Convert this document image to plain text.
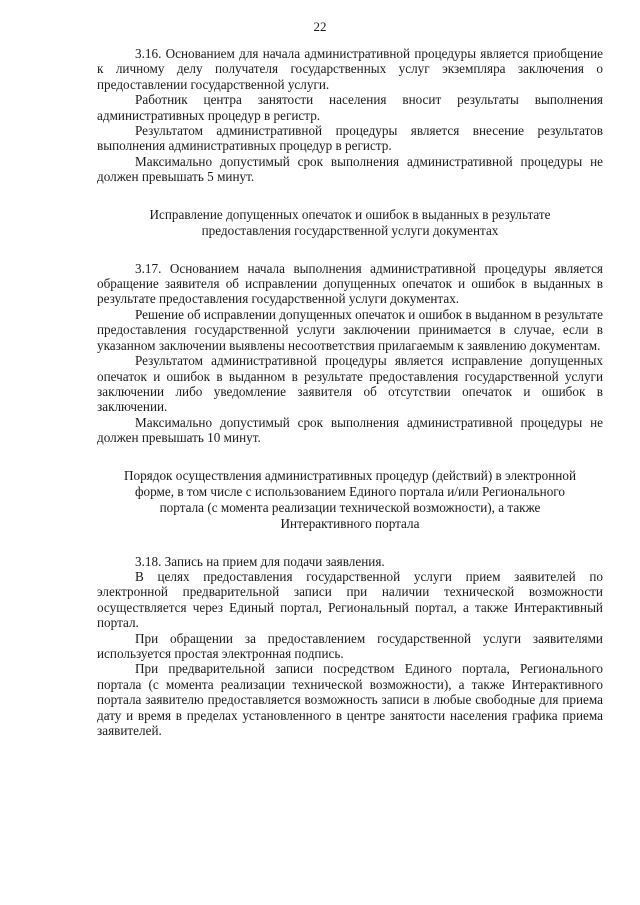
22

3.16. Основанием для начала административной процедуры является приобщение к личному делу получателя государственных услуг экземпляра заключения о предоставлении государственной услуги.

Работник центра занятости населения вносит результаты выполнения административных процедур в регистр.

Результатом административной процедуры является внесение результатов выполнения административных процедур в регистр.

Максимально допустимый срок выполнения административной процедуры не должен превышать 5 минут.

Исправление допущенных опечаток и ошибок в выданных в результате

предоставления государственной услуги документах

3.17. Основанием начала выполнения административной процедуры является обращение заявителя об исправлении допущенных опечаток и ошибок в выданных в результате предоставления государственной услуги документах.

Решение об исправлении допущенных опечаток и ошибок в выданном в результате предоставления государственной услуги заключении принимается в случае, если в указанном заключении выявлены несоответствия прилагаемым к заявлению документам.

Результатом административной процедуры является исправление допущенных опечаток и ошибок в выданном в результате предоставления государственной услуги заключении либо уведомление заявителя об отсутствии опечаток и ошибок в заключении.

Максимально допустимый срок выполнения административной процедуры не должен превышать 10 минут.

Порядок осуществления административных процедур (действий) в электронной

форме, в том числе с использованием Единого портала и/или Регионального

портала (с момента реализации технической возможности), а также

Интерактивного портала

3.18. Запись на прием для подачи заявления.

В целях предоставления государственной услуги прием заявителей по электронной предварительной записи при наличии технической возможности осуществляется через Единый портал, Региональный портал, а также Интерактивный портал.

При обращении за предоставлением государственной услуги заявителями используется простая электронная подпись.

При предварительной записи посредством Единого портала, Регионального портала (с момента реализации технической возможности), а также Интерактивного портала заявителю предоставляется возможность записи в любые свободные для приема дату и время в пределах установленного в центре занятости населения графика приема заявителей.
